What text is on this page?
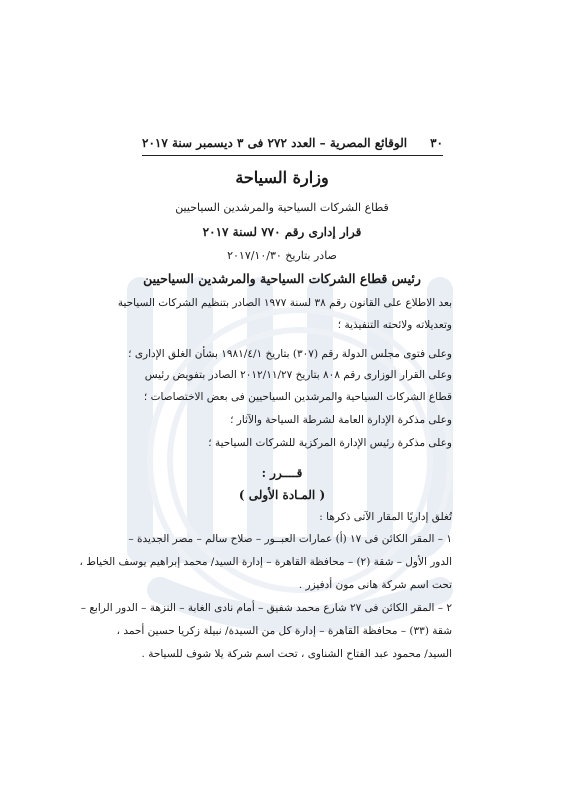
٣٠
الوقائع المصرية – العدد ٢٧٢ فى ٣ ديسمبر سنة ٢٠١٧
وزارة السياحة
قطاع الشركات السياحية والمرشدين السياحيين
قرار إدارى رقم ٧٧٠ لسنة ٢٠١٧
صادر بتاريخ ٢٠١٧/١٠/٣٠
رئيس قطاع الشركات السياحية والمرشدين السياحيين
بعد الاطلاع على القانون رقم ٣٨ لسنة ١٩٧٧ الصادر بتنظيم الشركات السياحية
وتعديلاته ولائحته التنفيذية ؛
وعلى فتوى مجلس الدولة رقم (٣٠٧) بتاريخ ١٩٨١/٤/١ بشأن الغلق الإدارى ؛
وعلى القرار الوزارى رقم ٨٠٨ بتاريخ ٢٠١٢/١١/٢٧ الصادر بتفويض رئيس
قطاع الشركات السياحية والمرشدين السياحيين فى بعض الاختصاصات ؛
وعلى مذكرة الإدارة العامة لشرطة السياحة والآثار ؛
وعلى مذكرة رئيس الإدارة المركزية للشركات السياحية ؛
قــــرر :
( المـادة الأولى )
تُغلق إداريًا المقار الآتى ذكرها :
١ – المقر الكائن فى ١٧ (أ) عمارات العبــور – صلاح سالم – مصر الجديدة –
الدور الأول – شقة (٢) – محافظة القاهرة – إدارة السيد/ محمد إبراهيم يوسف الخياط ،
تحت اسم شركة هانى مون أدفيزر .
٢ – المقر الكائن فى ٢٧ شارع محمد شفيق – أمام نادى الغابة – النزهة – الدور الرابع –
شقة (٣٣) – محافظة القاهرة – إدارة كل من السيدة/ نبيلة زكريا حسين أحمد ،
السيد/ محمود عبد الفتاح الشناوى ، تحت اسم شركة يلا شوف للسياحة .
